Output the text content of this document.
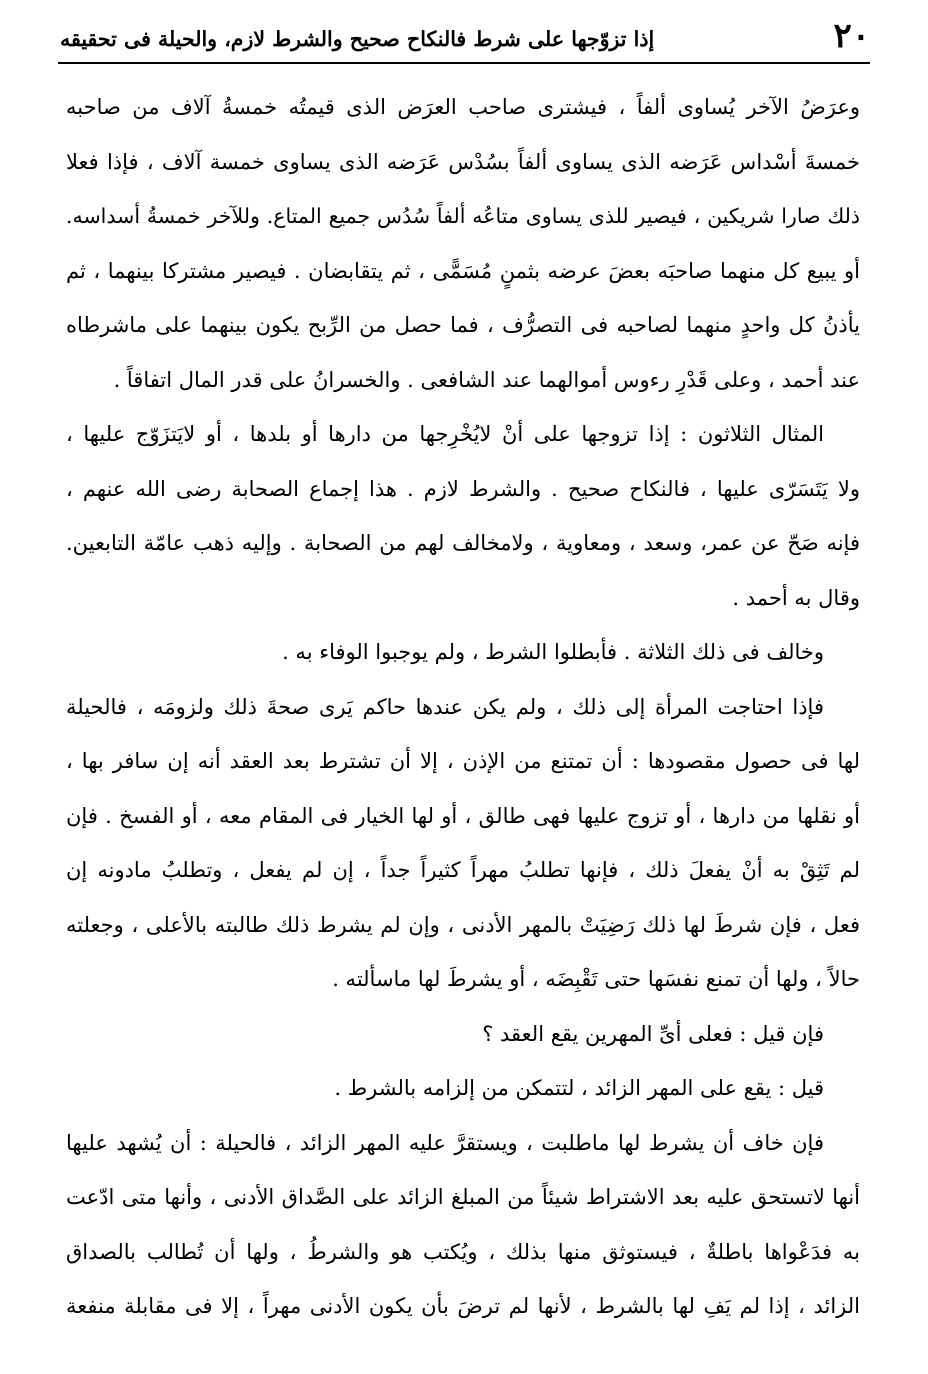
٢٠
إذا تزوّجها على شرط فالنكاح صحيح والشرط لازم، والحيلة فى تحقيقه
وعرَضُ الآخر يُساوى ألفاً ، فيشترى صاحب العرَض الذى قيمتُه خمسةُ آلاف من صاحبه
خمسةَ أسْداس عَرَضه الذى يساوى ألفاً بسُدْس عَرَضه الذى يساوى خمسة آلاف ، فإذا فعلا
ذلك صارا شريكين ، فيصير للذى يساوى متاعُه ألفاً سُدُس جميع المتاع. وللآخر خمسةُ أسداسه.
أو يبيع كل منهما صاحبَه بعضَ عرضه بثمنٍ مُسَمًّى ، ثم يتقابضان . فيصير مشتركا بينهما ، ثم
يأذنُ كل واحدٍ منهما لصاحبه فى التصرُّف ، فما حصل من الرِّبح يكون بينهما على ماشرطاه
عند أحمد ، وعلى قَدْرِ رءوس أموالهما عند الشافعى . والخسرانُ على قدر المال اتفاقاً .
المثال الثلاثون : إذا تزوجها على أنْ لايُخْرِجها من دارها أو بلدها ، أو لايَتزَوّج عليها ،
ولا يَتَسَرّى عليها ، فالنكاح صحيح . والشرط لازم . هذا إجماع الصحابة رضى الله عنهم ،
فإنه صَحّ عن عمر، وسعد ، ومعاوية ، ولامخالف لهم من الصحابة . وإليه ذهب عامّة التابعين.
وقال به أحمد .
وخالف فى ذلك الثلاثة . فأبطلوا الشرط ، ولم يوجبوا الوفاء به .
فإذا احتاجت المرأة إلى ذلك ، ولم يكن عندها حاكم يَرى صحةَ ذلك ولزومَه ، فالحيلة
لها فى حصول مقصودها : أن تمتنع من الإذن ، إلا أن تشترط بعد العقد أنه إن سافر بها ،
أو نقلها من دارها ، أو تزوج عليها فهى طالق ، أو لها الخيار فى المقام معه ، أو الفسخ . فإن
لم تَثِقْ به أنْ يفعلَ ذلك ، فإنها تطلبُ مهراً كثيراً جداً ، إن لم يفعل ، وتطلبُ مادونه إن
فعل ، فإن شرطَ لها ذلك رَضِيَتْ بالمهر الأدنى ، وإن لم يشرط ذلك طالبته بالأعلى ، وجعلته
حالاً ، ولها أن تمنع نفسَها حتى تَقْبِضَه ، أو يشرطَ لها ماسألته .
فإن قيل : فعلى أىِّ المهرين يقع العقد ؟
قيل : يقع على المهر الزائد ، لتتمكن من إلزامه بالشرط .
فإن خاف أن يشرط لها ماطلبت ، ويستقرَّ عليه المهر الزائد ، فالحيلة : أن يُشهد عليها
أنها لاتستحق عليه بعد الاشتراط شيئاً من المبلغ الزائد على الصَّداق الأدنى ، وأنها متى ادّعت
به فدَعْواها باطلةٌ ، فيستوثق منها بذلك ، ويُكتب هو والشرطُ ، ولها أن تُطالب بالصداق
الزائد ، إذا لم يَفِ لها بالشرط ، لأنها لم ترضَ بأن يكون الأدنى مهراً ، إلا فى مقابلة منفعة
